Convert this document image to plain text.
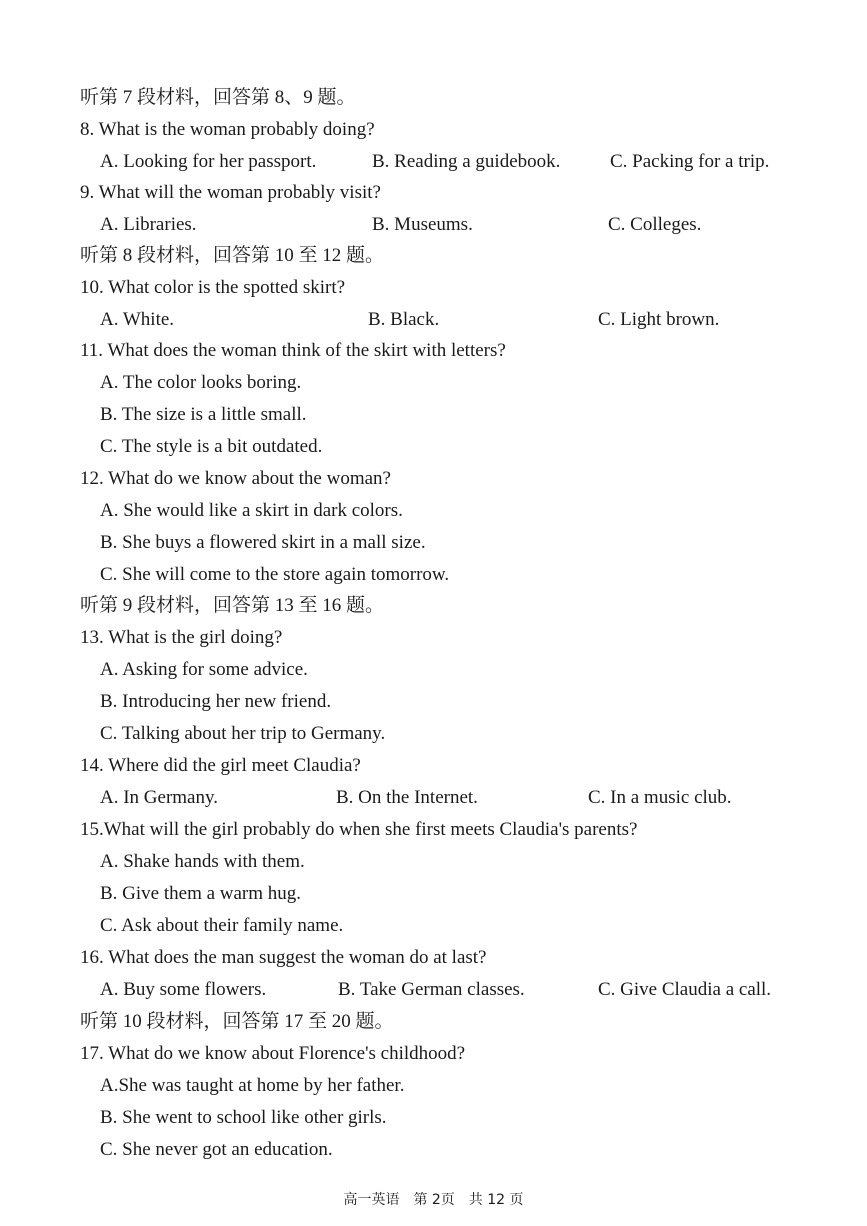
听第 7 段材料，回答第 8、9 题。
8. What is the woman probably doing?
A. Looking for her passport.	B. Reading a guidebook.	C. Packing for a trip.
9. What will the woman probably visit?
A. Libraries.	B. Museums.	C. Colleges.
听第 8 段材料，回答第 10 至 12 题。
10. What color is the spotted skirt?
A. White.	B. Black.	C. Light brown.
11. What does the woman think of the skirt with letters?
A. The color looks boring.
B. The size is a little small.
C. The style is a bit outdated.
12. What do we know about the woman?
A. She would like a skirt in dark colors.
B. She buys a flowered skirt in a mall size.
C. She will come to the store again tomorrow.
听第 9 段材料，回答第 13 至 16 题。
13. What is the girl doing?
A. Asking for some advice.
B. Introducing her new friend.
C. Talking about her trip to Germany.
14. Where did the girl meet Claudia?
A. In Germany.	B. On the Internet.	C. In a music club.
15.What will the girl probably do when she first meets Claudia's parents?
A. Shake hands with them.
B. Give them a warm hug.
C. Ask about their family name.
16. What does the man suggest the woman do at last?
A. Buy some flowers.	B. Take German classes.	C. Give Claudia a call.
听第 10 段材料，回答第 17 至 20 题。
17. What do we know about Florence's childhood?
A.She was taught at home by her father.
B. She went to school like other girls.
C. She never got an education.
高一英语　第 2页　共 12 页
